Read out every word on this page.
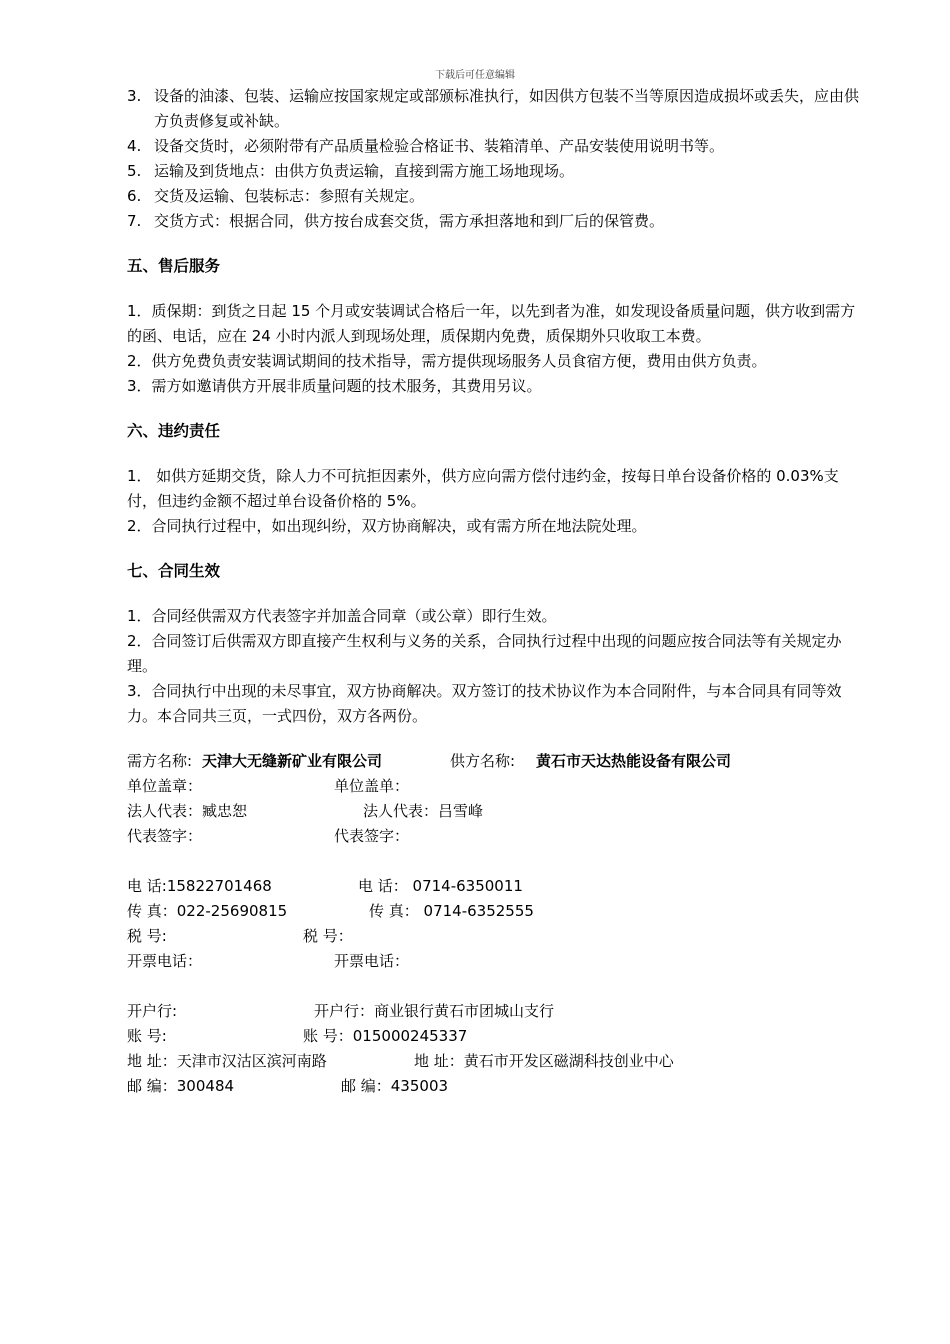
下载后可任意编辑
3. 设备的油漆、包装、运输应按国家规定或部颁标准执行，如因供方包装不当等原因造成损坏或丢失，应由供方负责修复或补缺。
4. 设备交货时，必须附带有产品质量检验合格证书、装箱清单、产品安装使用说明书等。
5. 运输及到货地点：由供方负责运输，直接到需方施工场地现场。
6. 交货及运输、包装标志：参照有关规定。
7. 交货方式：根据合同，供方按台成套交货，需方承担落地和到厂后的保管费。
五、售后服务

1．质保期：到货之日起 15 个月或安装调试合格后一年，以先到者为准，如发现设备质量问题，供方收到需方的函、电话，应在 24 小时内派人到现场处理，质保期内免费，质保期外只收取工本费。

2．供方免费负责安装调试期间的技术指导，需方提供现场服务人员食宿方便，费用由供方负责。

3．需方如邀请供方开展非质量问题的技术服务，其费用另议。

六、违约责任

1． 如供方延期交货，除人力不可抗拒因素外，供方应向需方偿付违约金，按每日单台设备价格的 0.03%支付，但违约金额不超过单台设备价格的 5%。

2．合同执行过程中，如出现纠纷，双方协商解决，或有需方所在地法院处理。

七、合同生效

1．合同经供需双方代表签字并加盖合同章（或公章）即行生效。

2．合同签订后供需双方即直接产生权利与义务的关系，合同执行过程中出现的问题应按合同法等有关规定办理。

3．合同执行中出现的未尽事宜，双方协商解决。双方签订的技术协议作为本合同附件，与本合同具有同等效力。本合同共三页，一式四份，双方各两份。

需方名称: 天津大无缝新矿业有限公司	供方名称: 黄石市天达热能设备有限公司
单位盖章：	单位盖单：
法人代表：臧忠恕	法人代表：吕雪峰
代表签字：	代表签字：
电 话:15822701468	电 话： 0714-6350011
传 真：022-25690815	传 真： 0714-6352555
税 号:	税 号：
开票电话：	开票电话：
开户行:	开户行：商业银行黄石市团城山支行
账 号:	账 号：015000245337
地 址：天津市汉沽区滨河南路	地 址：黄石市开发区磁湖科技创业中心
邮 编：300484	邮 编：435003
